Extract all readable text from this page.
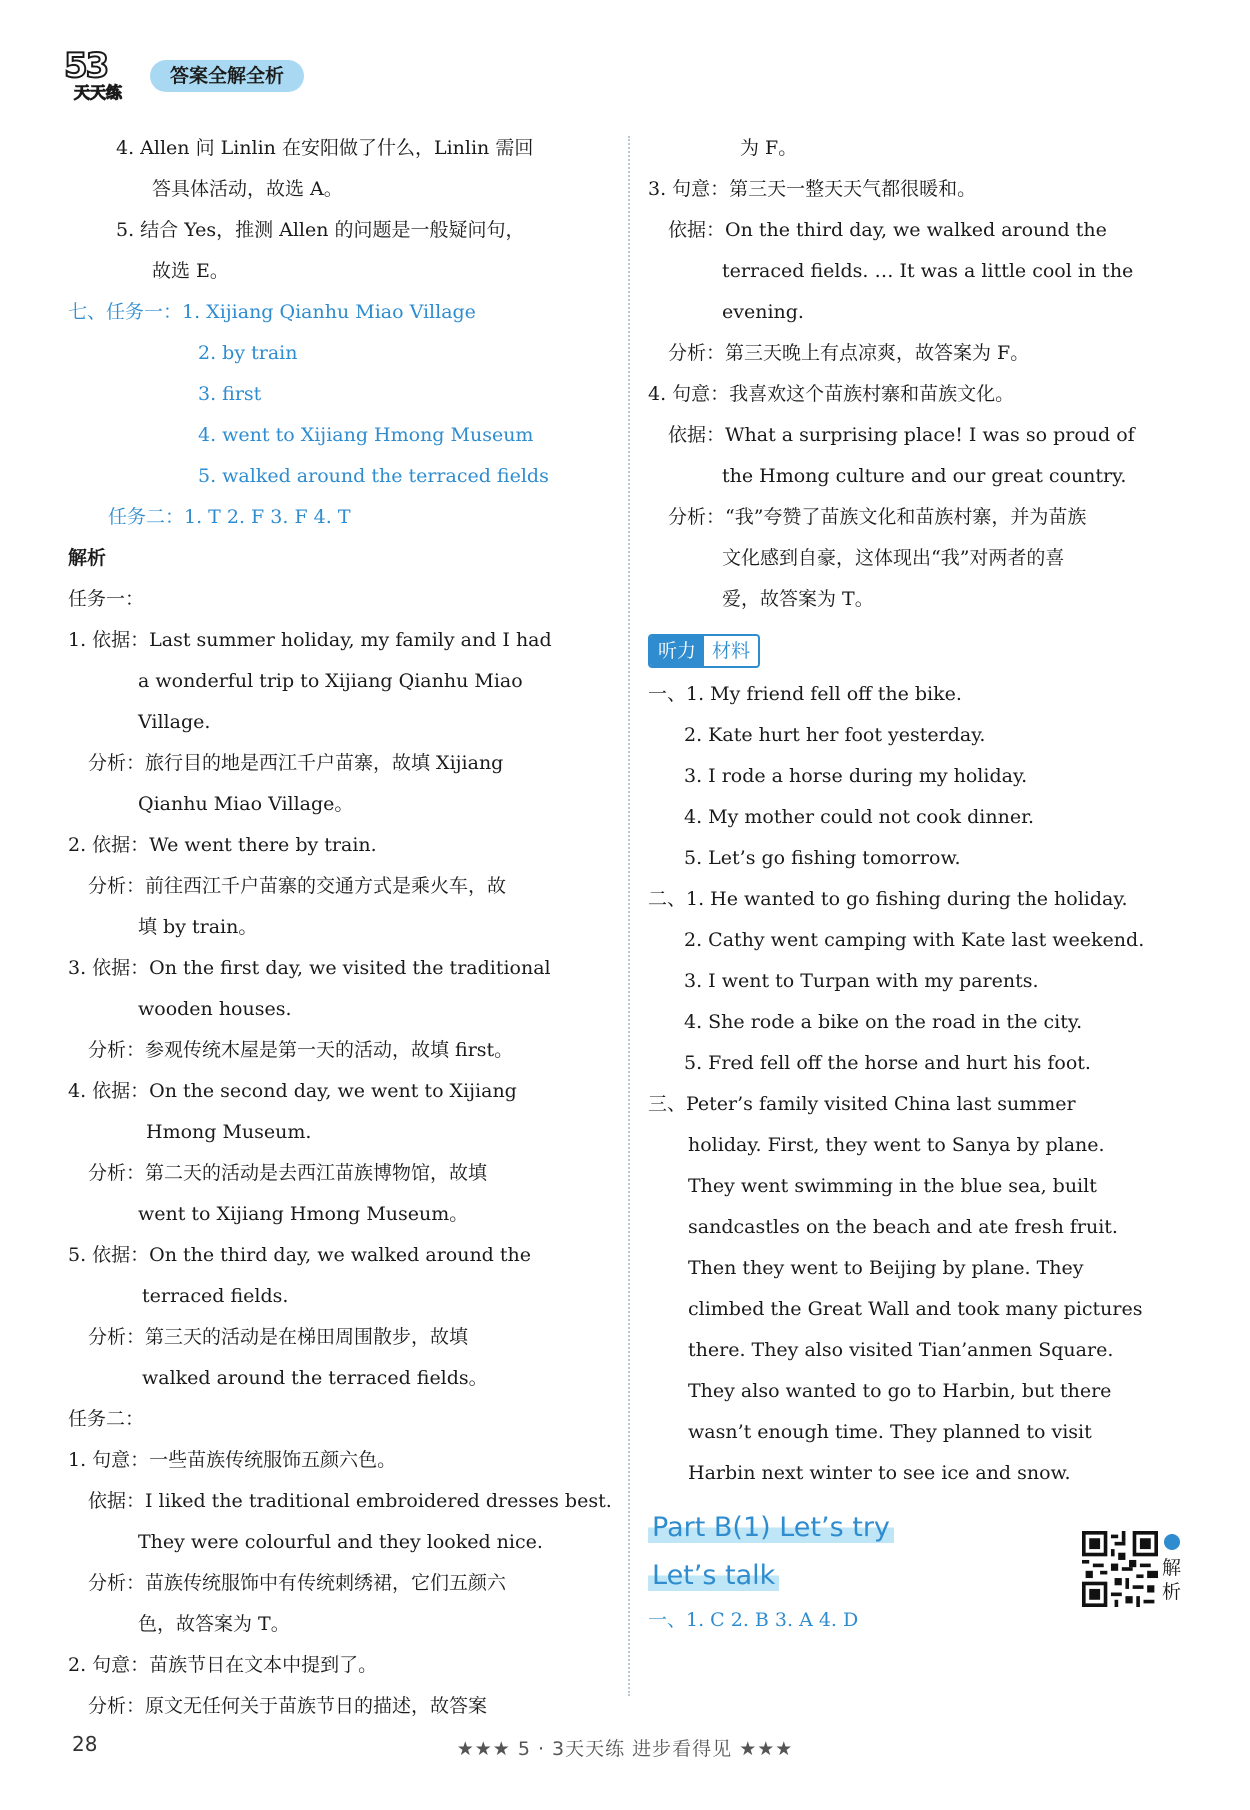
53
天天练
答案全解全析
4. Allen 问 Linlin 在安阳做了什么，Linlin 需回
答具体活动，故选 A。
5. 结合 Yes，推测 Allen 的问题是一般疑问句，
故选 E。
七、任务一：1. Xijiang Qianhu Miao Village
2. by train
3. first
4. went to Xijiang Hmong Museum
5. walked around the terraced fields
任务二：1. T 2. F 3. F 4. T
解析
任务一：
1. 依据：Last summer holiday, my family and I had
a wonderful trip to Xijiang Qianhu Miao
Village.
分析：旅行目的地是西江千户苗寨，故填 Xijiang
Qianhu Miao Village。
2. 依据：We went there by train.
分析：前往西江千户苗寨的交通方式是乘火车，故
填 by train。
3. 依据：On the first day, we visited the traditional
wooden houses.
分析：参观传统木屋是第一天的活动，故填 first。
4. 依据：On the second day, we went to Xijiang
Hmong Museum.
分析：第二天的活动是去西江苗族博物馆，故填
went to Xijiang Hmong Museum。
5. 依据：On the third day, we walked around the
terraced fields.
分析：第三天的活动是在梯田周围散步，故填
walked around the terraced fields。
任务二：
1. 句意：一些苗族传统服饰五颜六色。
依据：I liked the traditional embroidered dresses best.
They were colourful and they looked nice.
分析：苗族传统服饰中有传统刺绣裙，它们五颜六
色，故答案为 T。
2. 句意：苗族节日在文本中提到了。
分析：原文无任何关于苗族节日的描述，故答案
为 F。
3. 句意：第三天一整天天气都很暖和。
依据：On the third day, we walked around the
terraced fields. … It was a little cool in the
evening.
分析：第三天晚上有点凉爽，故答案为 F。
4. 句意：我喜欢这个苗族村寨和苗族文化。
依据：What a surprising place! I was so proud of
the Hmong culture and our great country.
分析：“我”夸赞了苗族文化和苗族村寨，并为苗族
文化感到自豪，这体现出“我”对两者的喜
爱，故答案为 T。
听力 材料
一、1. My friend fell off the bike.
2. Kate hurt her foot yesterday.
3. I rode a horse during my holiday.
4. My mother could not cook dinner.
5. Let’s go fishing tomorrow.
二、1. He wanted to go fishing during the holiday.
2. Cathy went camping with Kate last weekend.
3. I went to Turpan with my parents.
4. She rode a bike on the road in the city.
5. Fred fell off the horse and hurt his foot.
三、Peter’s family visited China last summer
holiday. First, they went to Sanya by plane.
They went swimming in the blue sea, built
sandcastles on the beach and ate fresh fruit.
Then they went to Beijing by plane. They
climbed the Great Wall and took many pictures
there. They also visited Tian’anmen Square.
They also wanted to go to Harbin, but there
wasn’t enough time. They planned to visit
Harbin next winter to see ice and snow.
Part B(1) Let’s try
Let’s talk
一、1. C 2. B 3. A 4. D
解析
28	★★★ 5 · 3天天练 进步看得见 ★★★
